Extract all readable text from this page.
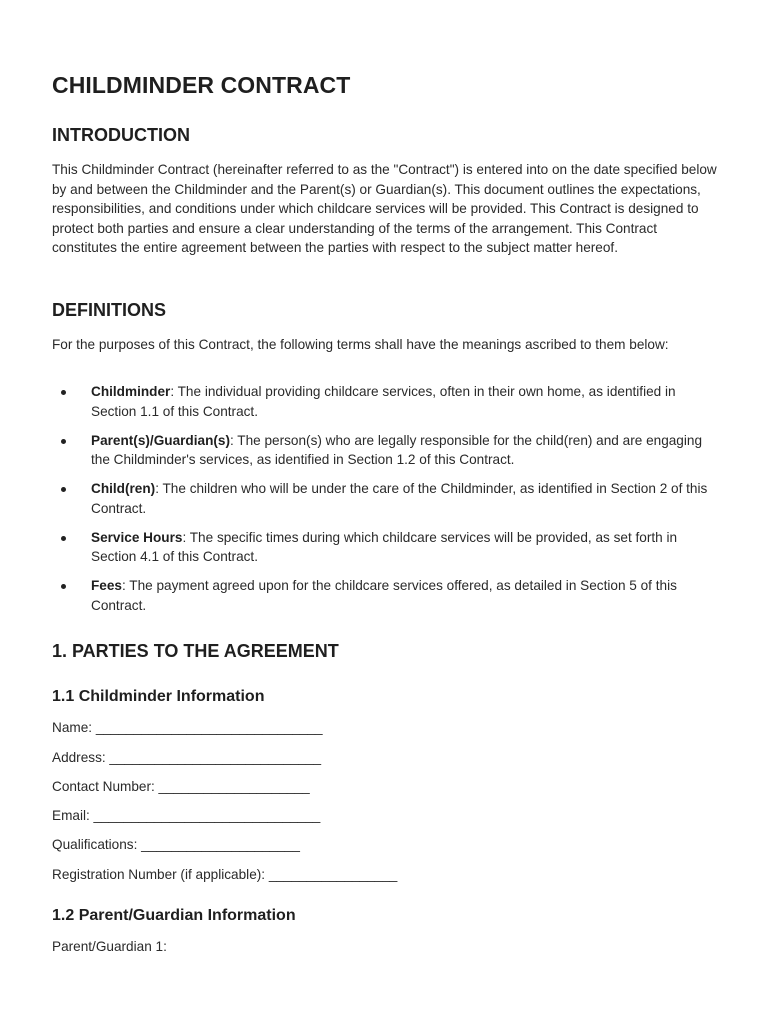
CHILDMINDER CONTRACT
INTRODUCTION

This Childminder Contract (hereinafter referred to as the "Contract") is entered into on the date specified below by and between the Childminder and the Parent(s) or Guardian(s). This document outlines the expectations, responsibilities, and conditions under which childcare services will be provided. This Contract is designed to protect both parties and ensure a clear understanding of the terms of the arrangement. This Contract constitutes the entire agreement between the parties with respect to the subject matter hereof.

DEFINITIONS

For the purposes of this Contract, the following terms shall have the meanings ascribed to them below:

Childminder: The individual providing childcare services, often in their own home, as identified in Section 1.1 of this Contract.
Parent(s)/Guardian(s): The person(s) who are legally responsible for the child(ren) and are engaging the Childminder's services, as identified in Section 1.2 of this Contract.
Child(ren): The children who will be under the care of the Childminder, as identified in Section 2 of this Contract.
Service Hours: The specific times during which childcare services will be provided, as set forth in Section 4.1 of this Contract.
Fees: The payment agreed upon for the childcare services offered, as detailed in Section 5 of this Contract.
1. PARTIES TO THE AGREEMENT
1.1 Childminder Information

Name: ______________________________

Address: ____________________________

Contact Number: ____________________

Email: ______________________________

Qualifications: _____________________

Registration Number (if applicable): _________________

1.2 Parent/Guardian Information

Parent/Guardian 1:
